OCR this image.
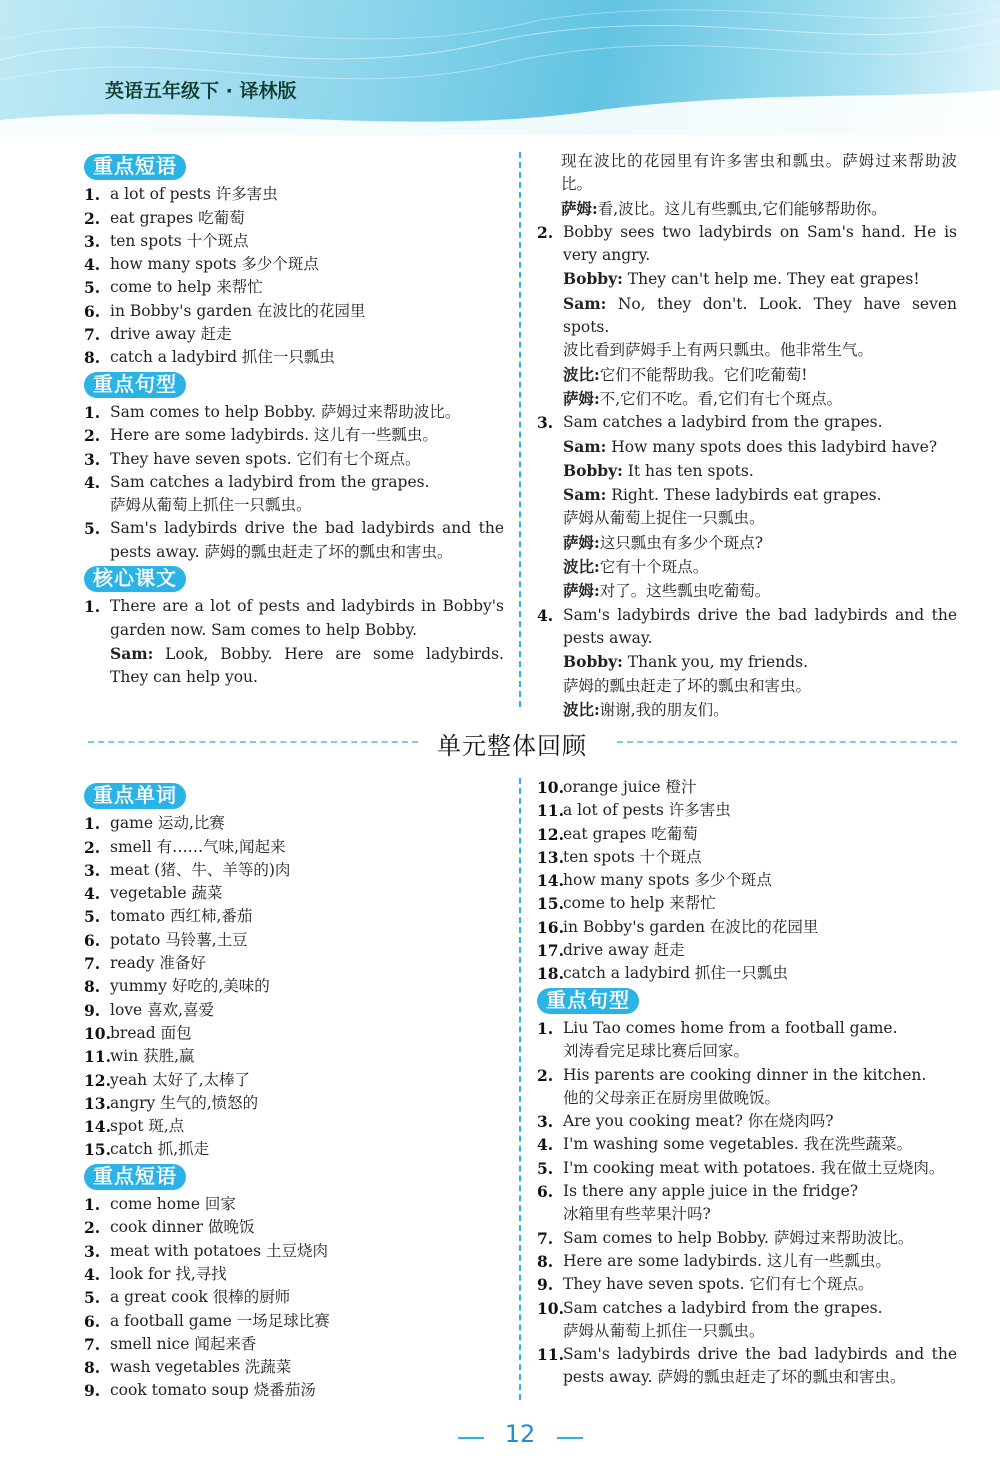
英语五年级下 · 译林版
重点短语
1. a lot of pests 许多害虫
2. eat grapes 吃葡萄
3. ten spots 十个斑点
4. how many spots 多少个斑点
5. come to help 来帮忙
6. in Bobby's garden 在波比的花园里
7. drive away 赶走
8. catch a ladybird 抓住一只瓢虫
重点句型
1. Sam comes to help Bobby. 萨姆过来帮助波比。
2. Here are some ladybirds. 这儿有一些瓢虫。
3. They have seven spots. 它们有七个斑点。
4. Sam catches a ladybird from the grapes.
萨姆从葡萄上抓住一只瓢虫。
5. Sam's ladybirds drive the bad ladybirds and the pests away. 萨姆的瓢虫赶走了坏的瓢虫和害虫。
核心课文
1. There are a lot of pests and ladybirds in Bobby's garden now. Sam comes to help Bobby.
Sam: Look, Bobby. Here are some ladybirds. They can help you.
现在波比的花园里有许多害虫和瓢虫。萨姆过来帮助波比。
萨姆:看,波比。这儿有些瓢虫,它们能够帮助你。
2. Bobby sees two ladybirds on Sam's hand. He is very angry.
Bobby: They can't help me. They eat grapes!
Sam: No, they don't. Look. They have seven spots.
波比看到萨姆手上有两只瓢虫。他非常生气。
波比:它们不能帮助我。它们吃葡萄!
萨姆:不,它们不吃。看,它们有七个斑点。
3. Sam catches a ladybird from the grapes.
Sam: How many spots does this ladybird have?
Bobby: It has ten spots.
Sam: Right. These ladybirds eat grapes.
萨姆从葡萄上捉住一只瓢虫。
萨姆:这只瓢虫有多少个斑点?
波比:它有十个斑点。
萨姆:对了。这些瓢虫吃葡萄。
4. Sam's ladybirds drive the bad ladybirds and the pests away.
Bobby: Thank you, my friends.
萨姆的瓢虫赶走了坏的瓢虫和害虫。
波比:谢谢,我的朋友们。
单元整体回顾
重点单词
1. game 运动,比赛
2. smell 有……气味,闻起来
3. meat (猪、牛、羊等的)肉
4. vegetable 蔬菜
5. tomato 西红柿,番茄
6. potato 马铃薯,土豆
7. ready 准备好
8. yummy 好吃的,美味的
9. love 喜欢,喜爱
10. bread 面包
11. win 获胜,赢
12. yeah 太好了,太棒了
13. angry 生气的,愤怒的
14. spot 斑,点
15. catch 抓,抓走
重点短语
1. come home 回家
2. cook dinner 做晚饭
3. meat with potatoes 土豆烧肉
4. look for 找,寻找
5. a great cook 很棒的厨师
6. a football game 一场足球比赛
7. smell nice 闻起来香
8. wash vegetables 洗蔬菜
9. cook tomato soup 烧番茄汤
10. orange juice 橙汁
11. a lot of pests 许多害虫
12. eat grapes 吃葡萄
13. ten spots 十个斑点
14. how many spots 多少个斑点
15. come to help 来帮忙
16. in Bobby's garden 在波比的花园里
17. drive away 赶走
18. catch a ladybird 抓住一只瓢虫
重点句型
1. Liu Tao comes home from a football game.
刘涛看完足球比赛后回家。
2. His parents are cooking dinner in the kitchen.
他的父母亲正在厨房里做晚饭。
3. Are you cooking meat? 你在烧肉吗?
4. I'm washing some vegetables. 我在洗些蔬菜。
5. I'm cooking meat with potatoes. 我在做土豆烧肉。
6. Is there any apple juice in the fridge?
冰箱里有些苹果汁吗?
7. Sam comes to help Bobby. 萨姆过来帮助波比。
8. Here are some ladybirds. 这儿有一些瓢虫。
9. They have seven spots. 它们有七个斑点。
10. Sam catches a ladybird from the grapes.
萨姆从葡萄上抓住一只瓢虫。
11. Sam's ladybirds drive the bad ladybirds and the pests away. 萨姆的瓢虫赶走了坏的瓢虫和害虫。
12
